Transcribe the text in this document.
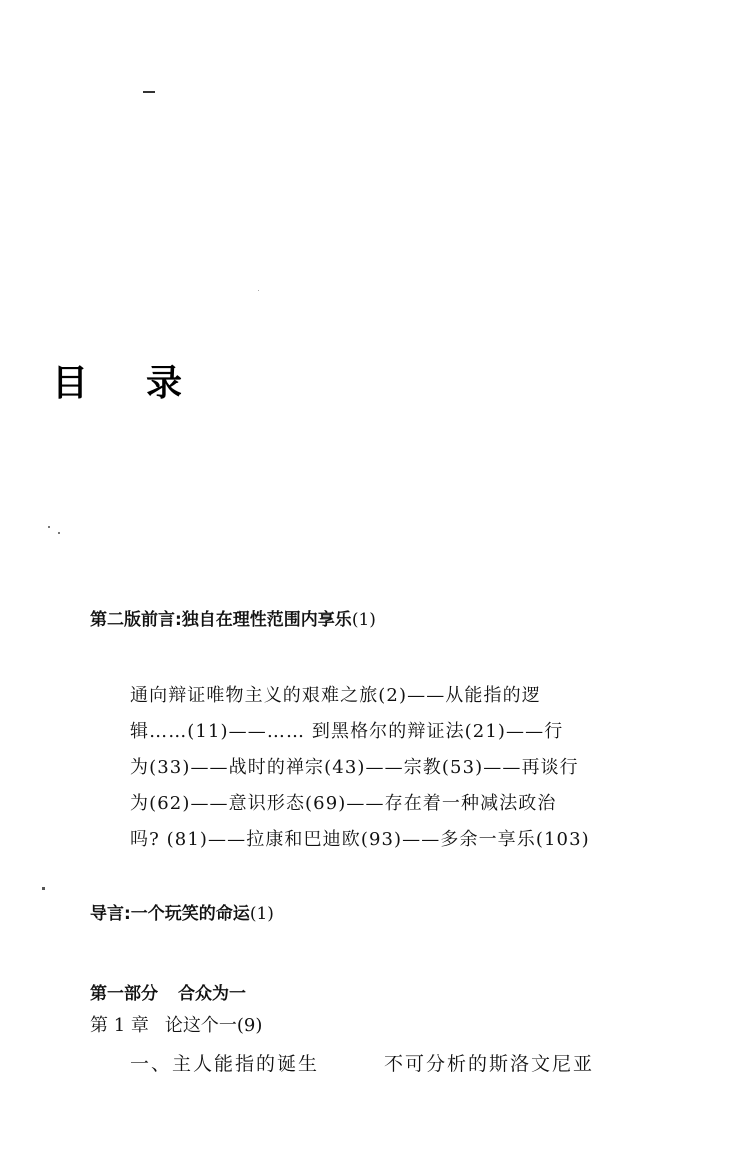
目 录
第二版前言:独自在理性范围内享乐(1)
通向辩证唯物主义的艰难之旅(2)——从能指的逻
辑……(11)——…… 到黑格尔的辩证法(21)——行
为(33)——战时的禅宗(43)——宗教(53)——再谈行
为(62)——意识形态(69)——存在着一种减法政治
吗? (81)——拉康和巴迪欧(93)——多余一享乐(103)
导言:一个玩笑的命运(1)
第一部分 合众为一
第 1 章 论这个一(9)
一、主人能指的诞生	不可分析的斯洛文尼亚
